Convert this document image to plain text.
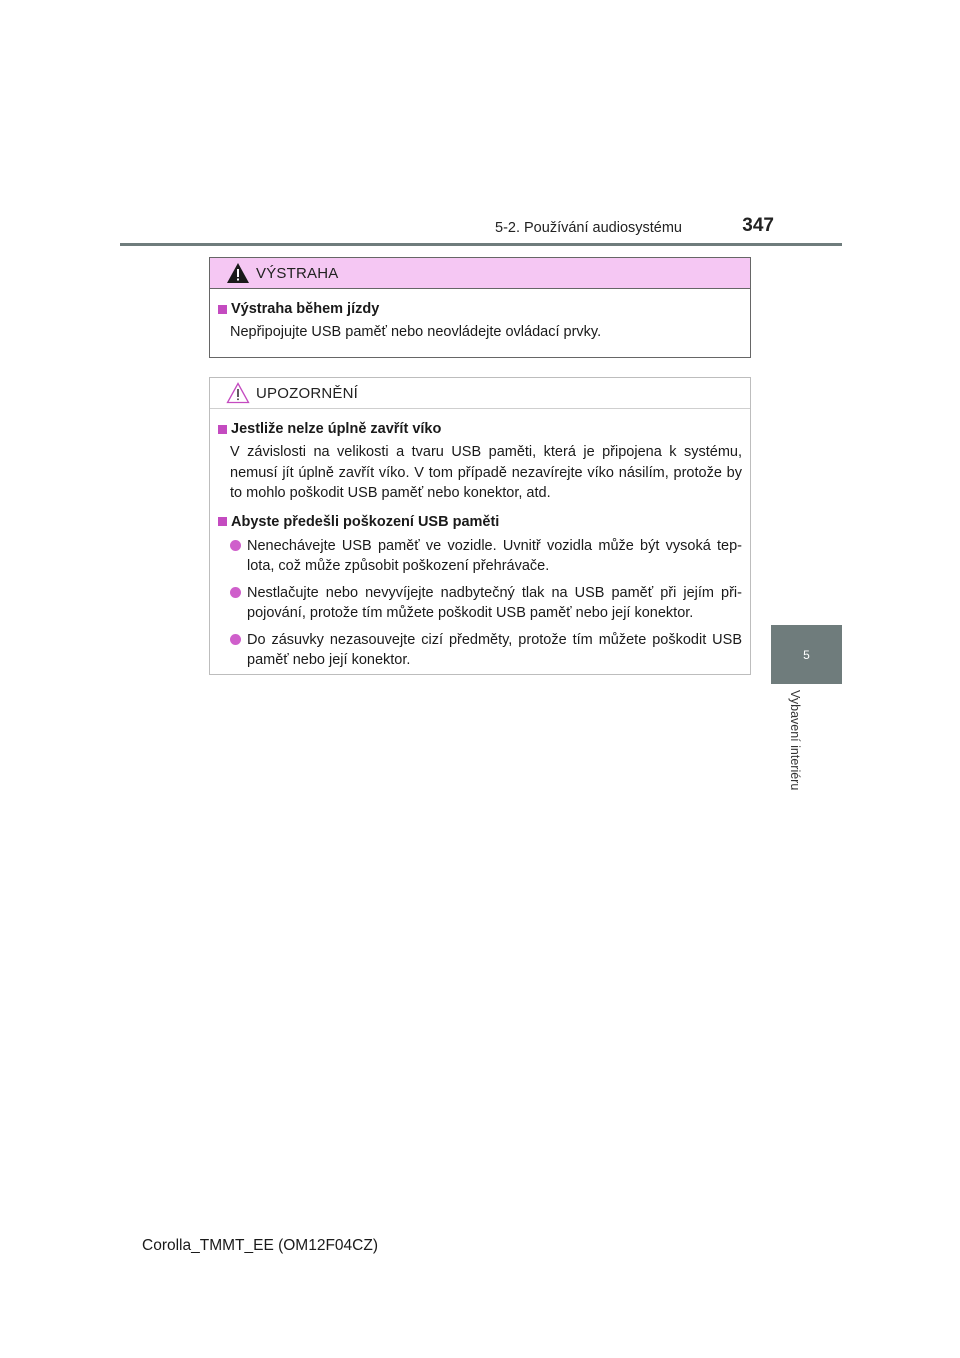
5-2. Používání audiosystému	347
5
Vybavení interiéru
VÝSTRAHA
Výstraha během jízdy

Nepřipojujte USB paměť nebo neovládejte ovládací prvky.

UPOZORNĚNÍ
Jestliže nelze úplně zavřít víko

V závislosti na velikosti a tvaru USB paměti, která je připojena k systému, nemusí jít úplně zavřít víko. V tom případě nezavírejte víko násilím, protože by to mohlo poškodit USB paměť nebo konektor, atd.

Abyste předešli poškození USB paměti
Nenechávejte USB paměť ve vozidle. Uvnitř vozidla může být vysoká tep-lota, což může způsobit poškození přehrávače.
Nestlačujte nebo nevyvíjejte nadbytečný tlak na USB paměť při jejím při-pojování, protože tím můžete poškodit USB paměť nebo její konektor.
Do zásuvky nezasouvejte cizí předměty, protože tím můžete poškodit USB paměť nebo její konektor.
Corolla_TMMT_EE (OM12F04CZ)
